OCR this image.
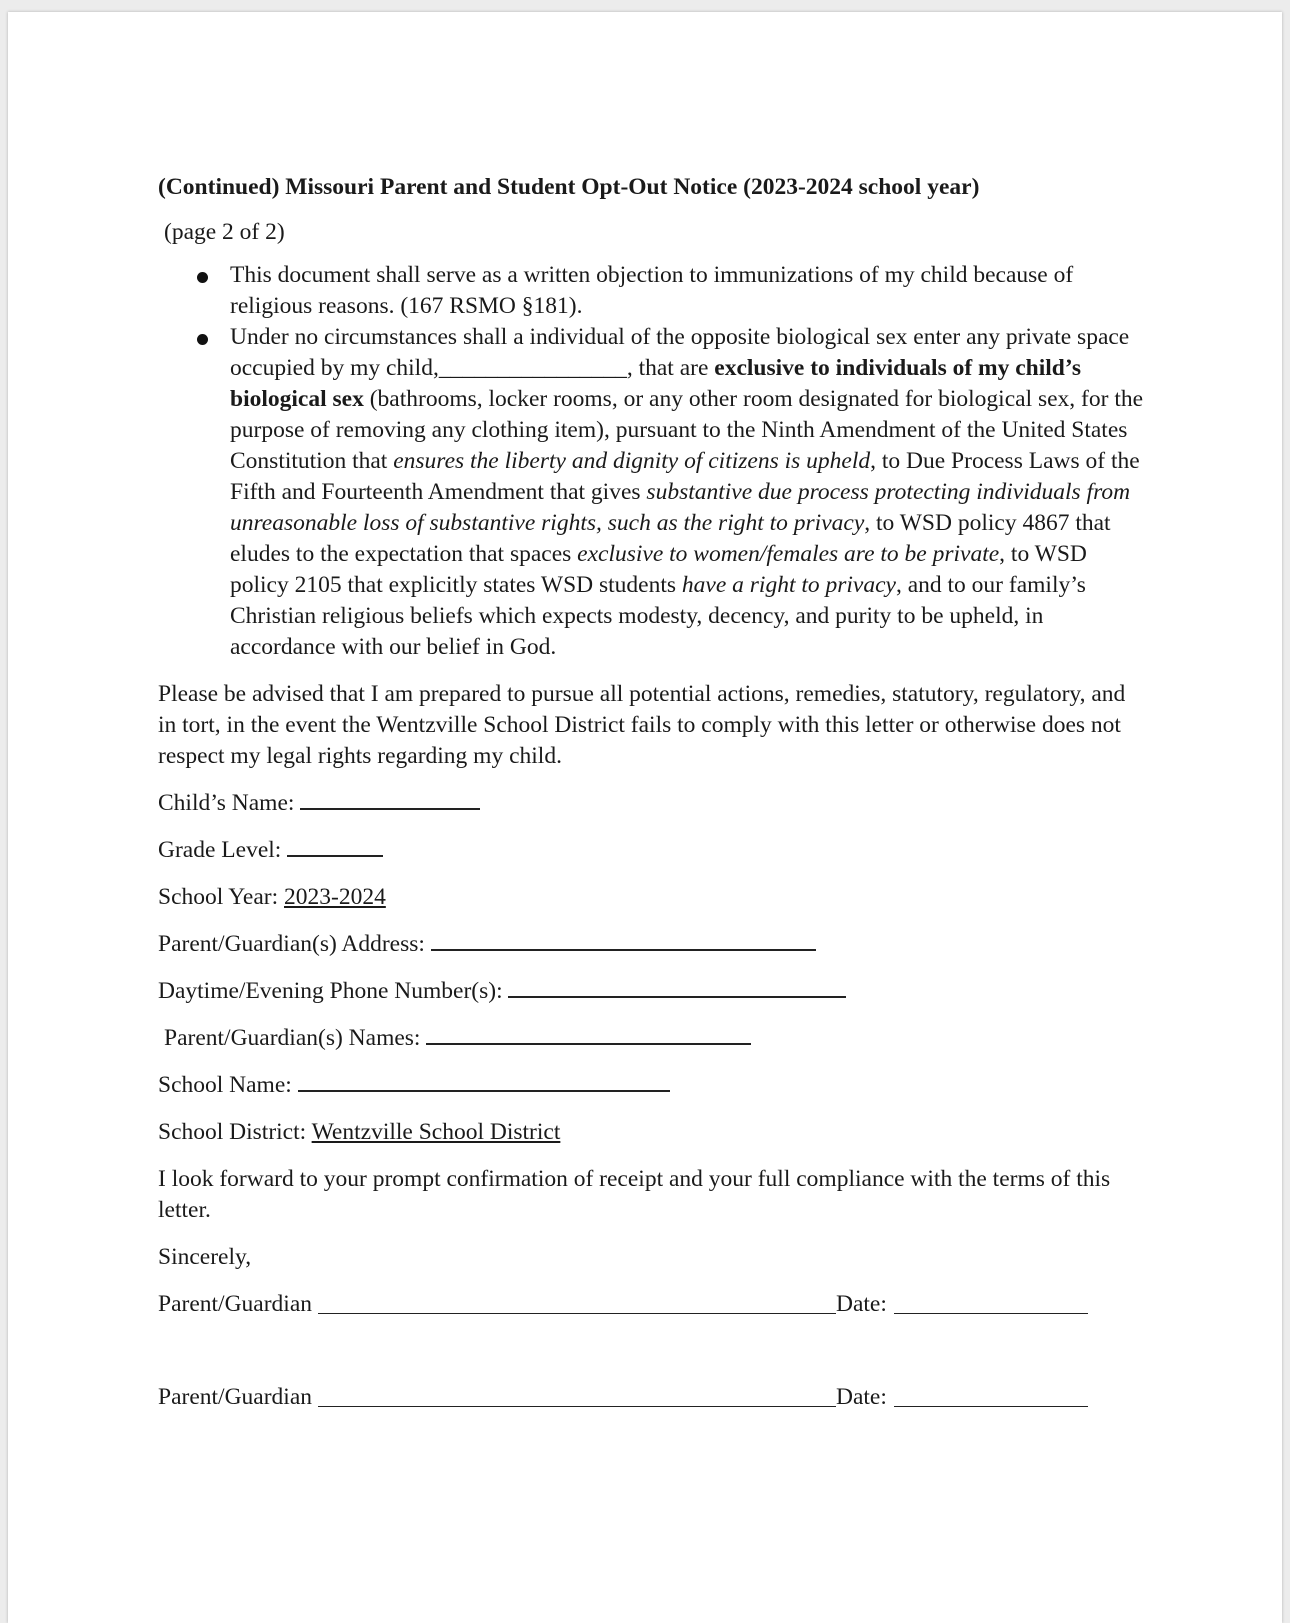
(Continued) Missouri Parent and Student Opt-Out Notice (2023-2024 school year)

(page 2 of 2)

This document shall serve as a written objection to immunizations of my child because of religious reasons. (167 RSMO §181).
Under no circumstances shall a individual of the opposite biological sex enter any private space occupied by my child,________________, that are exclusive to individuals of my child’s biological sex (bathrooms, locker rooms, or any other room designated for biological sex, for the purpose of removing any clothing item), pursuant to the Ninth Amendment of the United States Constitution that ensures the liberty and dignity of citizens is upheld, to Due Process Laws of the Fifth and Fourteenth Amendment that gives substantive due process protecting individuals from unreasonable loss of substantive rights, such as the right to privacy, to WSD policy 4867 that eludes to the expectation that spaces exclusive to women/females are to be private, to WSD policy 2105 that explicitly states WSD students have a right to privacy, and to our family’s Christian religious beliefs which expects modesty, decency, and purity to be upheld, in accordance with our belief in God.

Please be advised that I am prepared to pursue all potential actions, remedies, statutory, regulatory, and in tort, in the event the Wentzville School District fails to comply with this letter or otherwise does not respect my legal rights regarding my child.

Child’s Name:
Grade Level:
School Year: 2023-2024
Parent/Guardian(s) Address:
Daytime/Evening Phone Number(s):
Parent/Guardian(s) Names:
School Name:
School District: Wentzville School District

I look forward to your prompt confirmation of receipt and your full compliance with the terms of this letter.

Sincerely,

Parent/Guardian	Date:
Parent/Guardian	Date:
